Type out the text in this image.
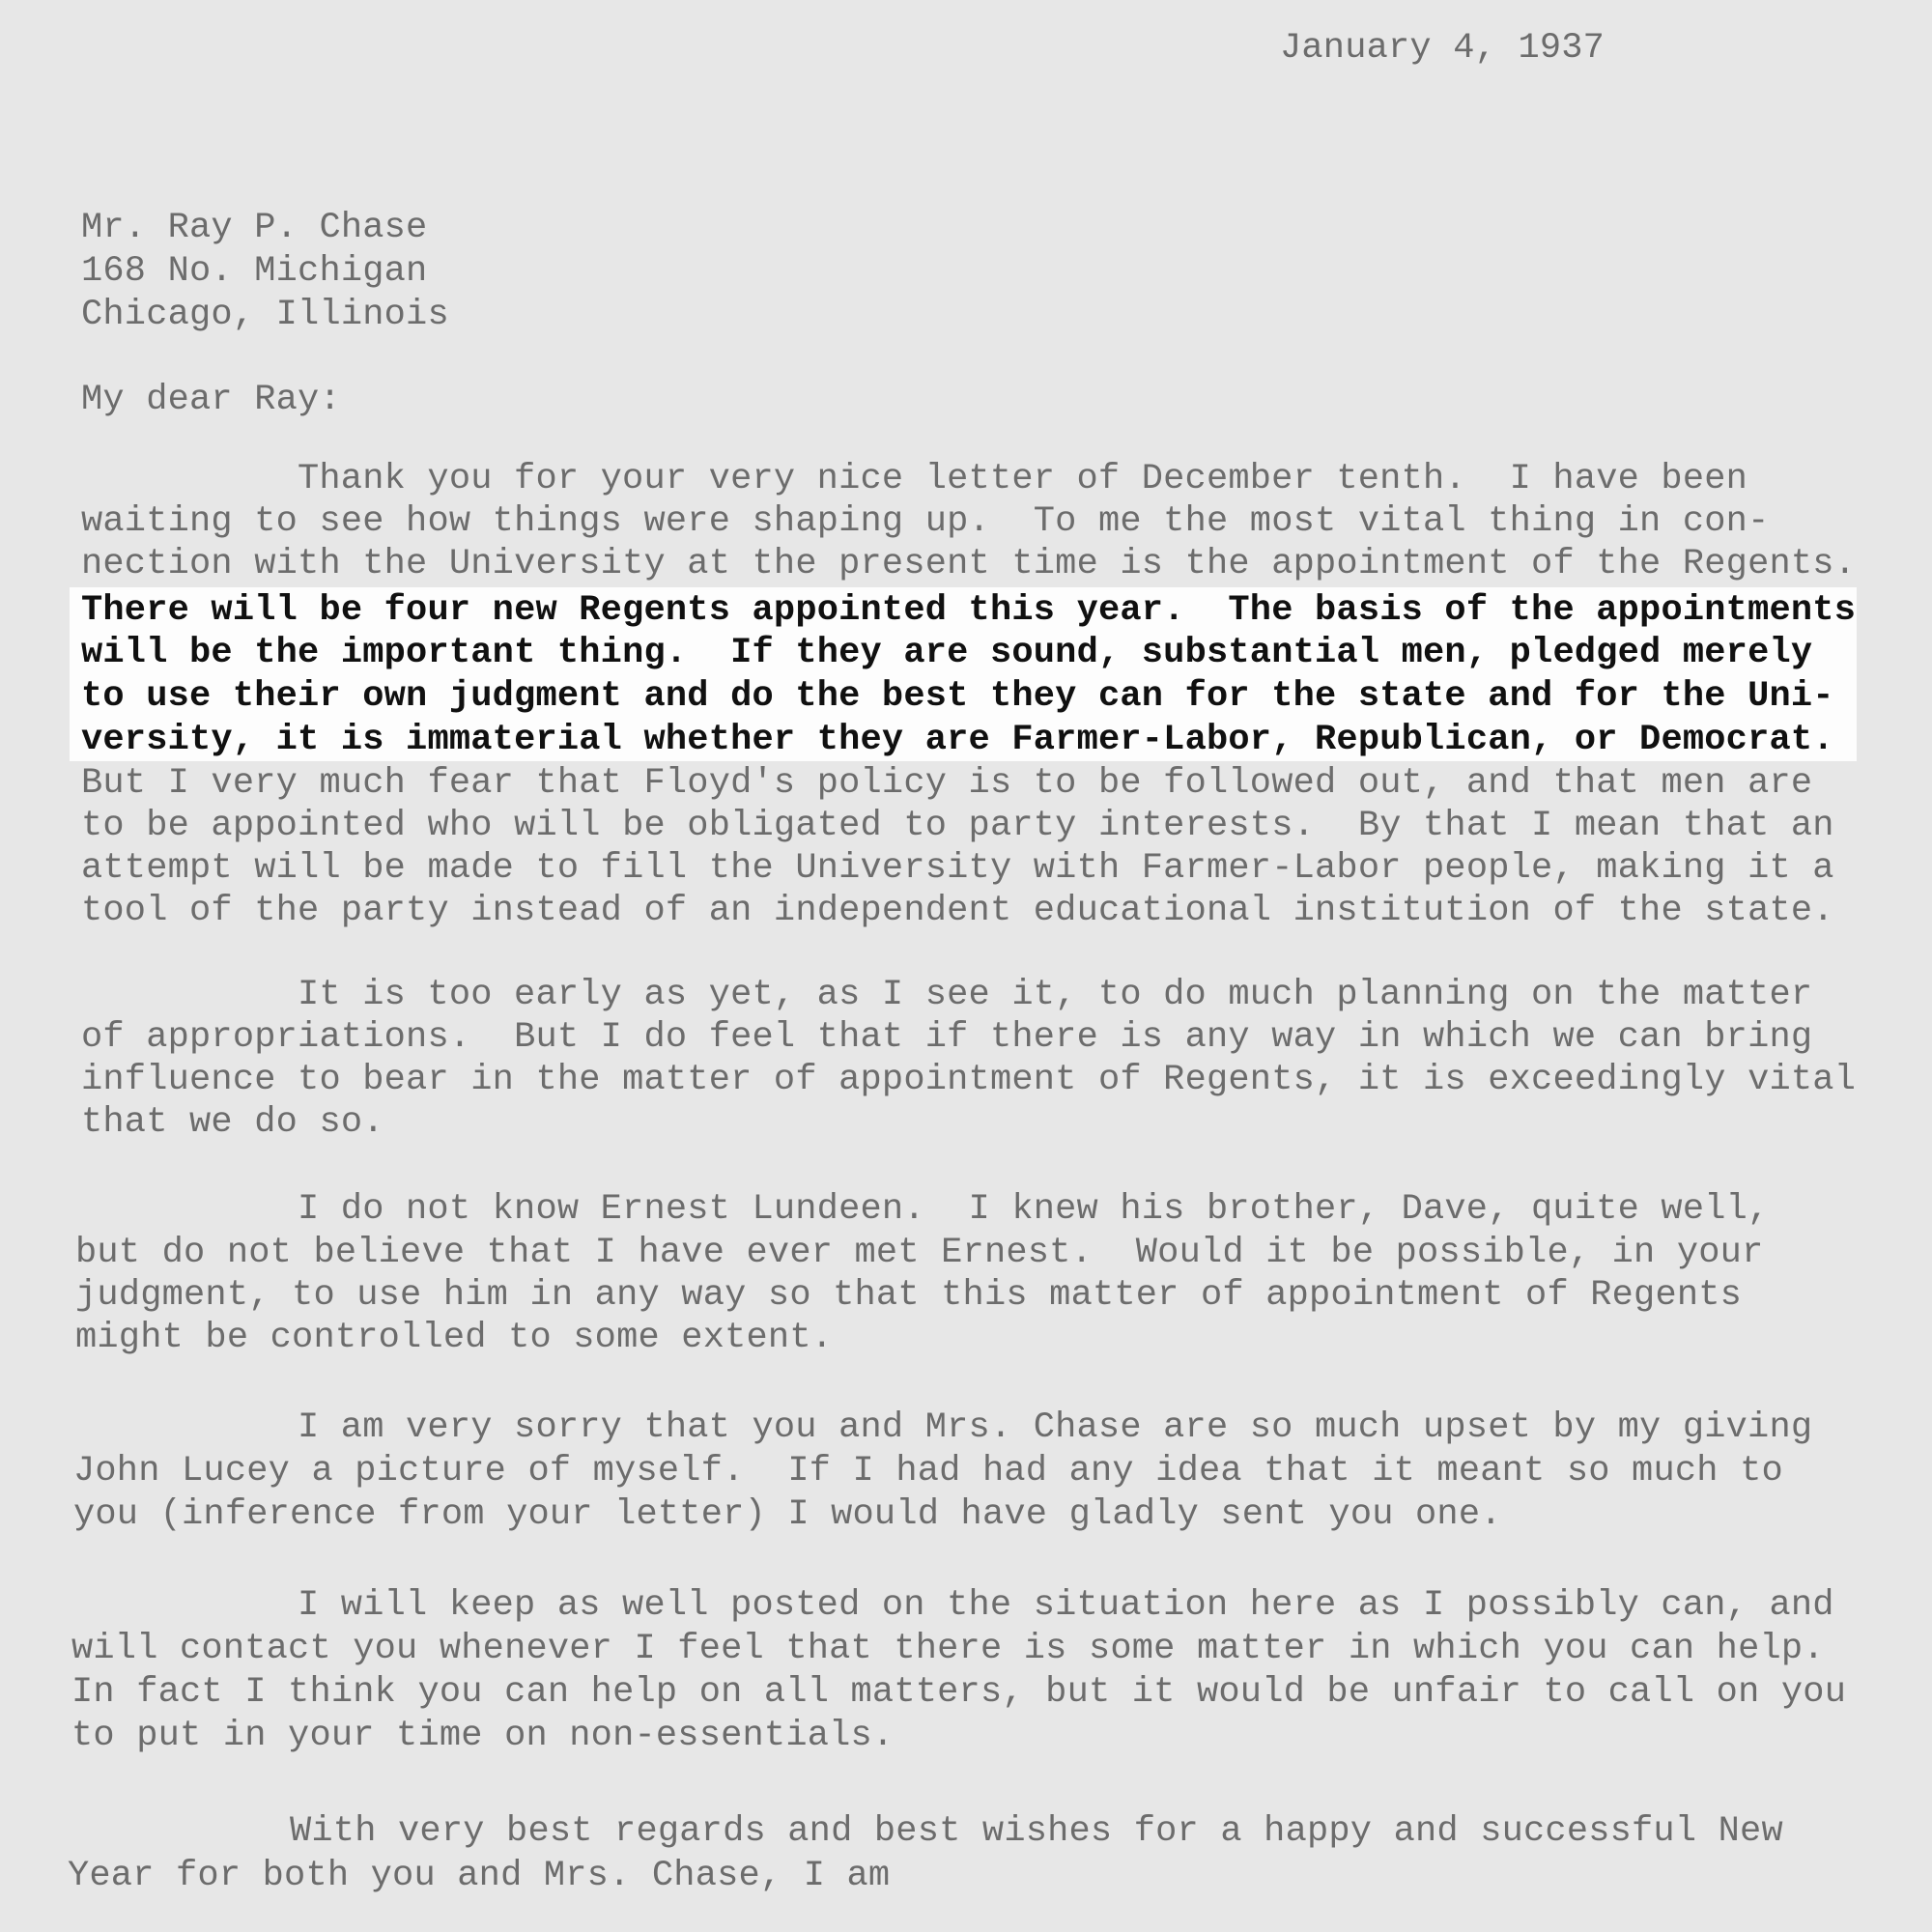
January 4, 1937
Mr. Ray P. Chase
168 No. Michigan
Chicago, Illinois
My dear Ray:
Thank you for your very nice letter of December tenth.  I have been
waiting to see how things were shaping up.  To me the most vital thing in con-
nection with the University at the present time is the appointment of the Regents.
There will be four new Regents appointed this year.  The basis of the appointments
will be the important thing.  If they are sound, substantial men, pledged merely
to use their own judgment and do the best they can for the state and for the Uni-
versity, it is immaterial whether they are Farmer-Labor, Republican, or Democrat.
But I very much fear that Floyd's policy is to be followed out, and that men are
to be appointed who will be obligated to party interests.  By that I mean that an
attempt will be made to fill the University with Farmer-Labor people, making it a
tool of the party instead of an independent educational institution of the state.
It is too early as yet, as I see it, to do much planning on the matter
of appropriations.  But I do feel that if there is any way in which we can bring
influence to bear in the matter of appointment of Regents, it is exceedingly vital
that we do so.
I do not know Ernest Lundeen.  I knew his brother, Dave, quite well,
but do not believe that I have ever met Ernest.  Would it be possible, in your
judgment, to use him in any way so that this matter of appointment of Regents
might be controlled to some extent.
I am very sorry that you and Mrs. Chase are so much upset by my giving
John Lucey a picture of myself.  If I had had any idea that it meant so much to
you (inference from your letter) I would have gladly sent you one.
I will keep as well posted on the situation here as I possibly can, and
will contact you whenever I feel that there is some matter in which you can help.
In fact I think you can help on all matters, but it would be unfair to call on you
to put in your time on non-essentials.
With very best regards and best wishes for a happy and successful New
Year for both you and Mrs. Chase, I am
